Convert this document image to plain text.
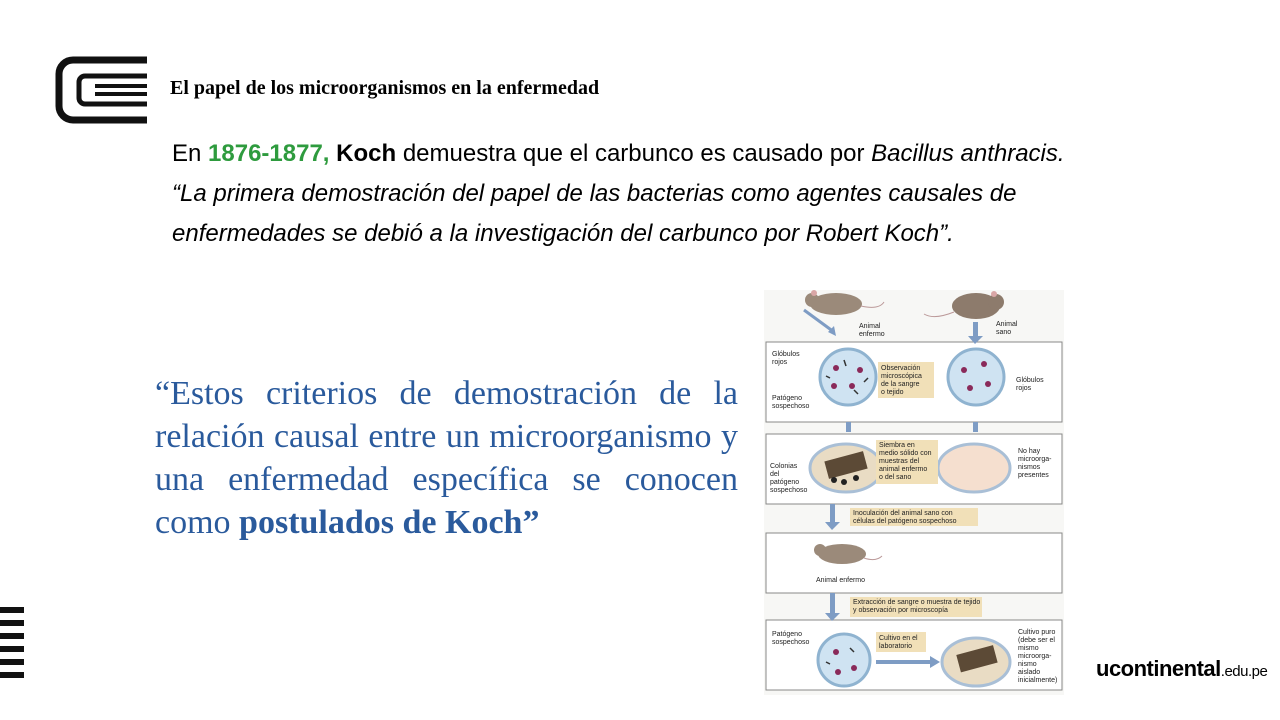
El papel de los microorganismos en la enfermedad
En 1876-1877, Koch demuestra que el carbunco es causado por Bacillus anthracis.
“La primera demostración del papel de las bacterias como agentes causales de enfermedades se debió a la investigación del carbunco por Robert Koch”.
“Estos criterios de demostración de la relación causal entre un microorganismo y una enfermedad específica se conocen como postulados de Koch”
Animal enfermo
Animal sano
Observación microscópica de la sangre o tejido
Glóbulos rojos
Patógeno sospechoso
Glóbulos rojos
Siembra en medio sólido con muestras del animal enfermo o del sano
Colonias del patógeno sospechoso
No hay microorga-nismos presentes
Inoculación del animal sano con células del patógeno sospechoso
Animal enfermo
Extracción de sangre o muestra de tejido y observación por microscopía
Cultivo en el laboratorio
Patógeno sospechoso
Cultivo puro (debe ser el mismo microorga-nismo aislado inicialmente) ucontinental.edu.pe
